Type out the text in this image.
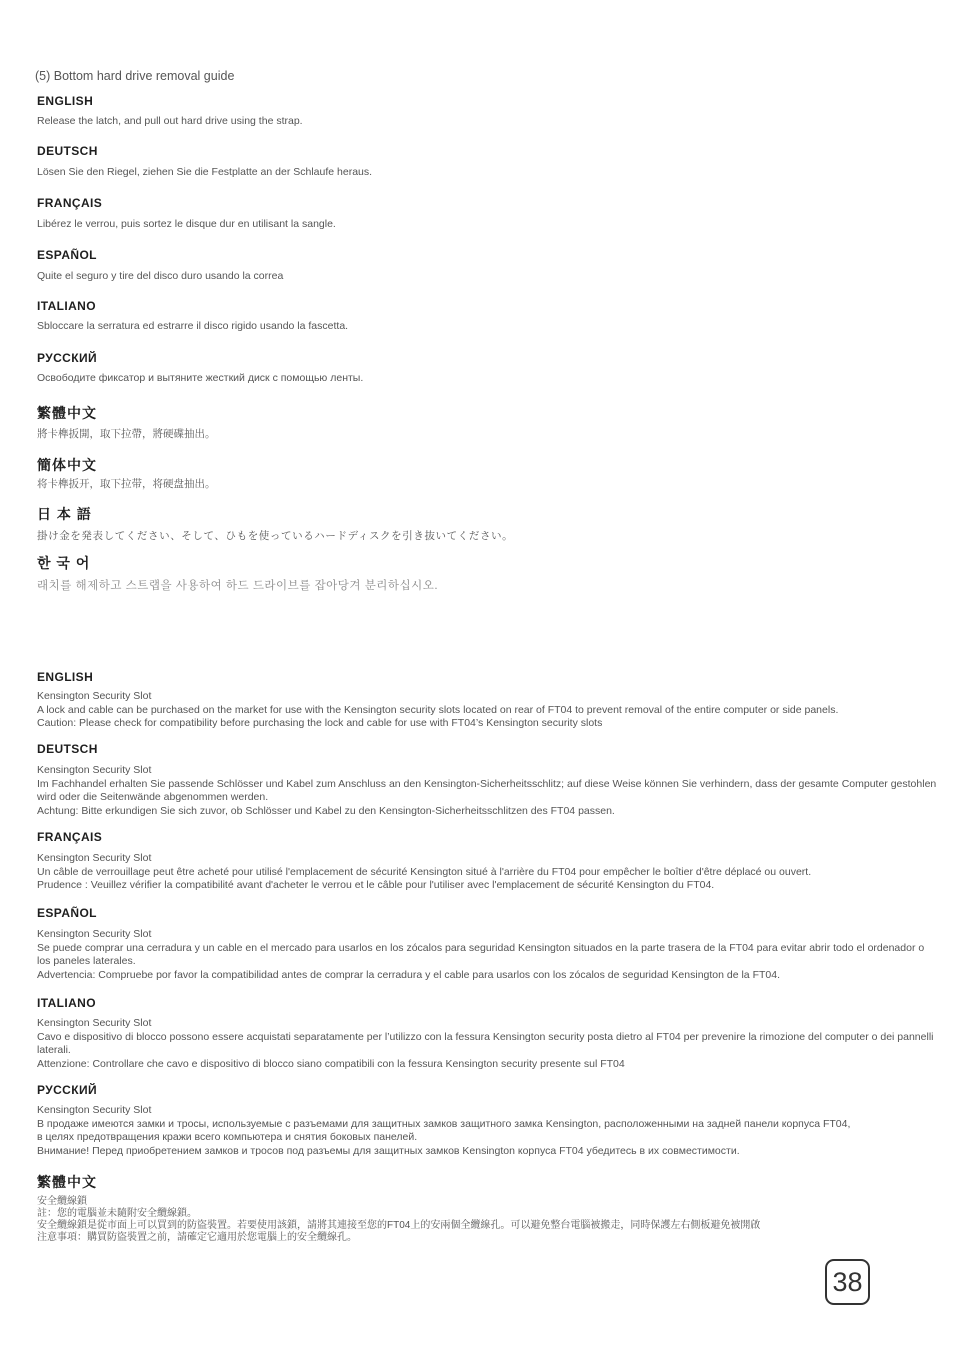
(5) Bottom hard drive removal guide
ENGLISH
Release the latch, and pull out hard drive using the strap.
DEUTSCH
Lösen Sie den Riegel, ziehen Sie die Festplatte an der Schlaufe heraus.
FRANÇAIS
Libérez le verrou, puis sortez le disque dur en utilisant la sangle.
ESPAÑOL
Quite el seguro y tire del disco duro usando la correa
ITALIANO
Sbloccare la serratura ed estrarre il disco rigido usando la fascetta.
РУССКИЙ
Освободите фиксатор и вытяните жесткий диск с помощью ленты.
繁體中文
將卡榫扳開，取下拉帶，將硬碟抽出。
簡体中文
将卡榫扳开，取下拉带，将硬盘抽出。
日 本 語
掛け金を発表してください、そして、ひもを使っているハードディスクを引き抜いてください。
한 국 어
래치를 해제하고 스트랩을 사용하여 하드 드라이브를 잡아당겨 분리하십시오.
ENGLISH
Kensington Security Slot
A lock and cable can be purchased on the market for use with the Kensington security slots located on rear of FT04 to prevent removal of the entire computer or side panels.
Caution: Please check for compatibility before purchasing the lock and cable for use with FT04’s Kensington security slots
DEUTSCH
Kensington Security Slot
Im Fachhandel erhalten Sie passende Schlösser und Kabel zum Anschluss an den Kensington-Sicherheitsschlitz; auf diese Weise können Sie verhindern, dass der gesamte Computer gestohlen wird oder die Seitenwände abgenommen werden.
Achtung: Bitte erkundigen Sie sich zuvor, ob Schlösser und Kabel zu den Kensington-Sicherheitsschlitzen des FT04 passen.
FRANÇAIS
Kensington Security Slot
Un câble de verrouillage peut être acheté pour utilisé l'emplacement de sécurité Kensington situé à l'arrière du FT04 pour empêcher le boîtier d'être déplacé ou ouvert.
Prudence : Veuillez vérifier la compatibilité avant d'acheter le verrou et le câble pour l'utiliser avec l'emplacement de sécurité Kensington du FT04.
ESPAÑOL
Kensington Security Slot
Se puede comprar una cerradura y un cable en el mercado para usarlos en los zócalos para seguridad Kensington situados en la parte trasera de la FT04 para evitar abrir todo el ordenador o los paneles laterales.
Advertencia: Compruebe por favor la compatibilidad antes de comprar la cerradura y el cable para usarlos con los zócalos de seguridad Kensington de la FT04.
ITALIANO
Kensington Security Slot
Cavo e dispositivo di blocco possono essere acquistati separatamente per l’utilizzo con la fessura Kensington security posta dietro al FT04 per prevenire la rimozione del computer o dei pannelli laterali.
Attenzione: Controllare che cavo e dispositivo di blocco siano compatibili con la fessura Kensington security presente sul FT04
РУССКИЙ
Kensington Security Slot
В продаже имеются замки и тросы, используемые с разъемами для защитных замков защитного замка Kensington, расположенными на задней панели корпуса FT04,
в целях предотвращения кражи всего компьютера и снятия боковых панелей.
Внимание! Перед приобретением замков и тросов под разъемы для защитных замков Kensington корпуса FT04 убедитесь в их совместимости.
繁體中文
安全纜線鎖
註：您的電腦並未隨附安全纜線鎖。
安全纜線鎖是從市面上可以買到的防盜裝置。若要使用該鎖，請將其連接至您的FT04上的安兩個全纜線孔。可以避免整台電腦被搬走，同時保護左右側板避免被開啟
注意事項：購買防盜裝置之前，請確定它適用於您電腦上的安全纜線孔。
38
